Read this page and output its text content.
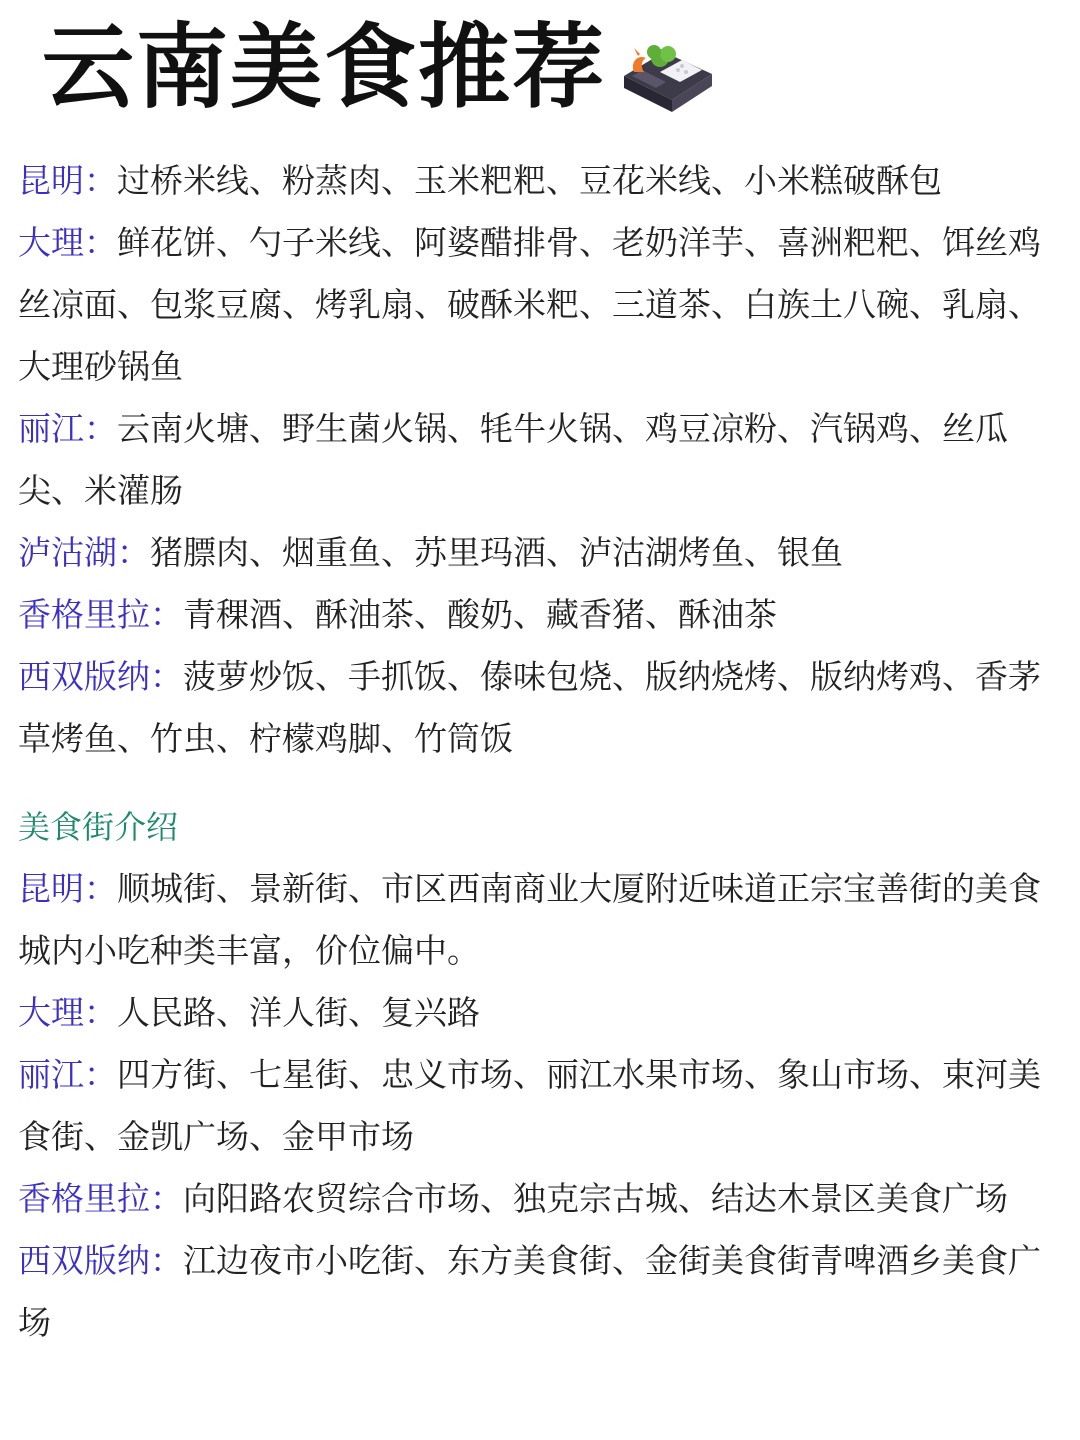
云南美食推荐

昆明：过桥米线、粉蒸肉、玉米粑粑、豆花米线、小米糕破酥包

大理：鲜花饼、勺子米线、阿婆醋排骨、老奶洋芋、喜洲粑粑、饵丝鸡丝凉面、包浆豆腐、烤乳扇、破酥米粑、三道茶、白族土八碗、乳扇、大理砂锅鱼

丽江：云南火塘、野生菌火锅、牦牛火锅、鸡豆凉粉、汽锅鸡、丝瓜尖、米灌肠

泸沽湖：猪膘肉、烟重鱼、苏里玛酒、泸沽湖烤鱼、银鱼

香格里拉：青稞酒、酥油茶、酸奶、藏香猪、酥油茶

西双版纳：菠萝炒饭、手抓饭、傣味包烧、版纳烧烤、版纳烤鸡、香茅草烤鱼、竹虫、柠檬鸡脚、竹筒饭

美食街介绍

昆明：顺城街、景新街、市区西南商业大厦附近味道正宗宝善街的美食城内小吃种类丰富，价位偏中。

大理：人民路、洋人街、复兴路

丽江：四方街、七星街、忠义市场、丽江水果市场、象山市场、束河美食街、金凯广场、金甲市场

香格里拉：向阳路农贸综合市场、独克宗古城、结达木景区美食广场

西双版纳：江边夜市小吃街、东方美食街、金街美食街青啤酒乡美食广场
